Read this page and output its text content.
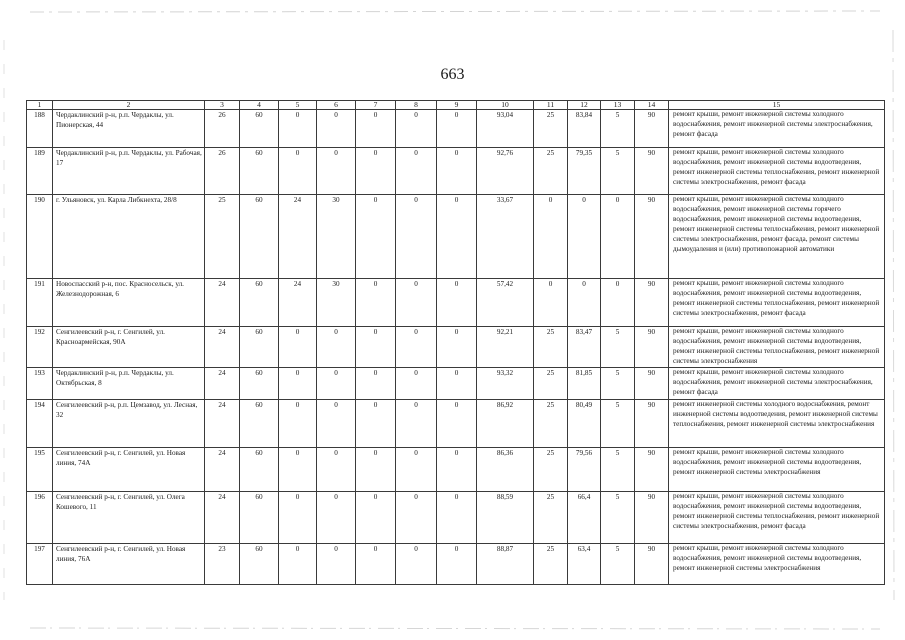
663
1	2	3	4	5	6	7	8	9	10	11	12	13	14	15
188	Чердаклинский р-н, р.п. Чердаклы, ул. Пионерская, 44	26	60	0	0	0	0	0	93,04	25	83,84	5	90	ремонт крыши, ремонт инженерной системы холодного водоснабжения, ремонт инженерной системы электроснабжения, ремонт фасада
189	Чердаклинский р-н, р.п. Чердаклы, ул. Рабочая, 17	26	60	0	0	0	0	0	92,76	25	79,35	5	90	ремонт крыши, ремонт инженерной системы холодного водоснабжения, ремонт инженерной системы водоотведения, ремонт инженерной системы теплоснабжения, ремонт инженерной системы электроснабжения, ремонт фасада
190	г. Ульяновск, ул. Карла Либкнехта, 28/8	25	60	24	30	0	0	0	33,67	0	0	0	90	ремонт крыши, ремонт инженерной системы холодного водоснабжения, ремонт инженерной системы горячего водоснабжения, ремонт инженерной системы водоотведения, ремонт инженерной системы теплоснабжения, ремонт инженерной системы электроснабжения, ремонт фасада, ремонт системы дымоудаления и (или) противопожарной автоматики
191	Новоспасский р-н, пос. Красносельск, ул. Железнодорожная, 6	24	60	24	30	0	0	0	57,42	0	0	0	90	ремонт крыши, ремонт инженерной системы холодного водоснабжения, ремонт инженерной системы водоотведения, ремонт инженерной системы теплоснабжения, ремонт инженерной системы электроснабжения, ремонт фасада
192	Сенгилеевский р-н, г. Сенгилей, ул. Красноармейская, 90А	24	60	0	0	0	0	0	92,21	25	83,47	5	90	ремонт крыши, ремонт инженерной системы холодного водоснабжения, ремонт инженерной системы водоотведения, ремонт инженерной системы теплоснабжения, ремонт инженерной системы электроснабжения
193	Чердаклинский р-н, р.п. Чердаклы, ул. Октябрьская, 8	24	60	0	0	0	0	0	93,32	25	81,85	5	90	ремонт крыши, ремонт инженерной системы холодного водоснабжения, ремонт инженерной системы электроснабжения, ремонт фасада
194	Сенгилеевский р-н, р.п. Цемзавод, ул. Лесная, 32	24	60	0	0	0	0	0	86,92	25	80,49	5	90	ремонт инженерной системы холодного водоснабжения, ремонт инженерной системы водоотведения, ремонт инженерной системы теплоснабжения, ремонт инженерной системы электроснабжения
195	Сенгилеевский р-н, г. Сенгилей, ул. Новая линия, 74А	24	60	0	0	0	0	0	86,36	25	79,56	5	90	ремонт крыши, ремонт инженерной системы холодного водоснабжения, ремонт инженерной системы водоотведения, ремонт инженерной системы электроснабжения
196	Сенгилеевский р-н, г. Сенгилей, ул. Олега Кошевого, 11	24	60	0	0	0	0	0	88,59	25	66,4	5	90	ремонт крыши, ремонт инженерной системы холодного водоснабжения, ремонт инженерной системы водоотведения, ремонт инженерной системы теплоснабжения, ремонт инженерной системы электроснабжения, ремонт фасада
197	Сенгилеевский р-н, г. Сенгилей, ул. Новая линия, 76А	23	60	0	0	0	0	0	88,87	25	63,4	5	90	ремонт крыши, ремонт инженерной системы холодного водоснабжения, ремонт инженерной системы водоотведения, ремонт инженерной системы электроснабжения
